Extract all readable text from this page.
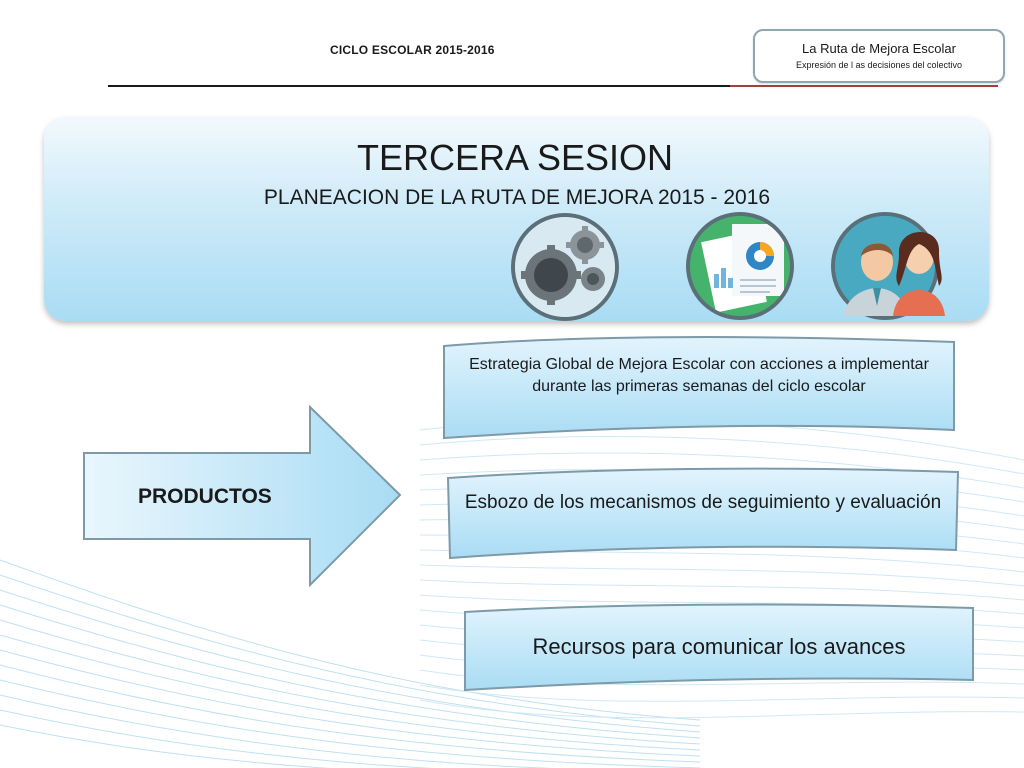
CICLO ESCOLAR 2015-2016	La Ruta de Mejora Escolar
Expresión de l as decisiones del colectivo
TERCERA SESION
PLANEACION DE LA RUTA DE MEJORA 2015 - 2016
PRODUCTOS
Estrategia Global de Mejora Escolar con acciones a implementar durante las primeras semanas del ciclo escolar
Esbozo de los mecanismos de seguimiento y evaluación
Recursos para comunicar los avances
